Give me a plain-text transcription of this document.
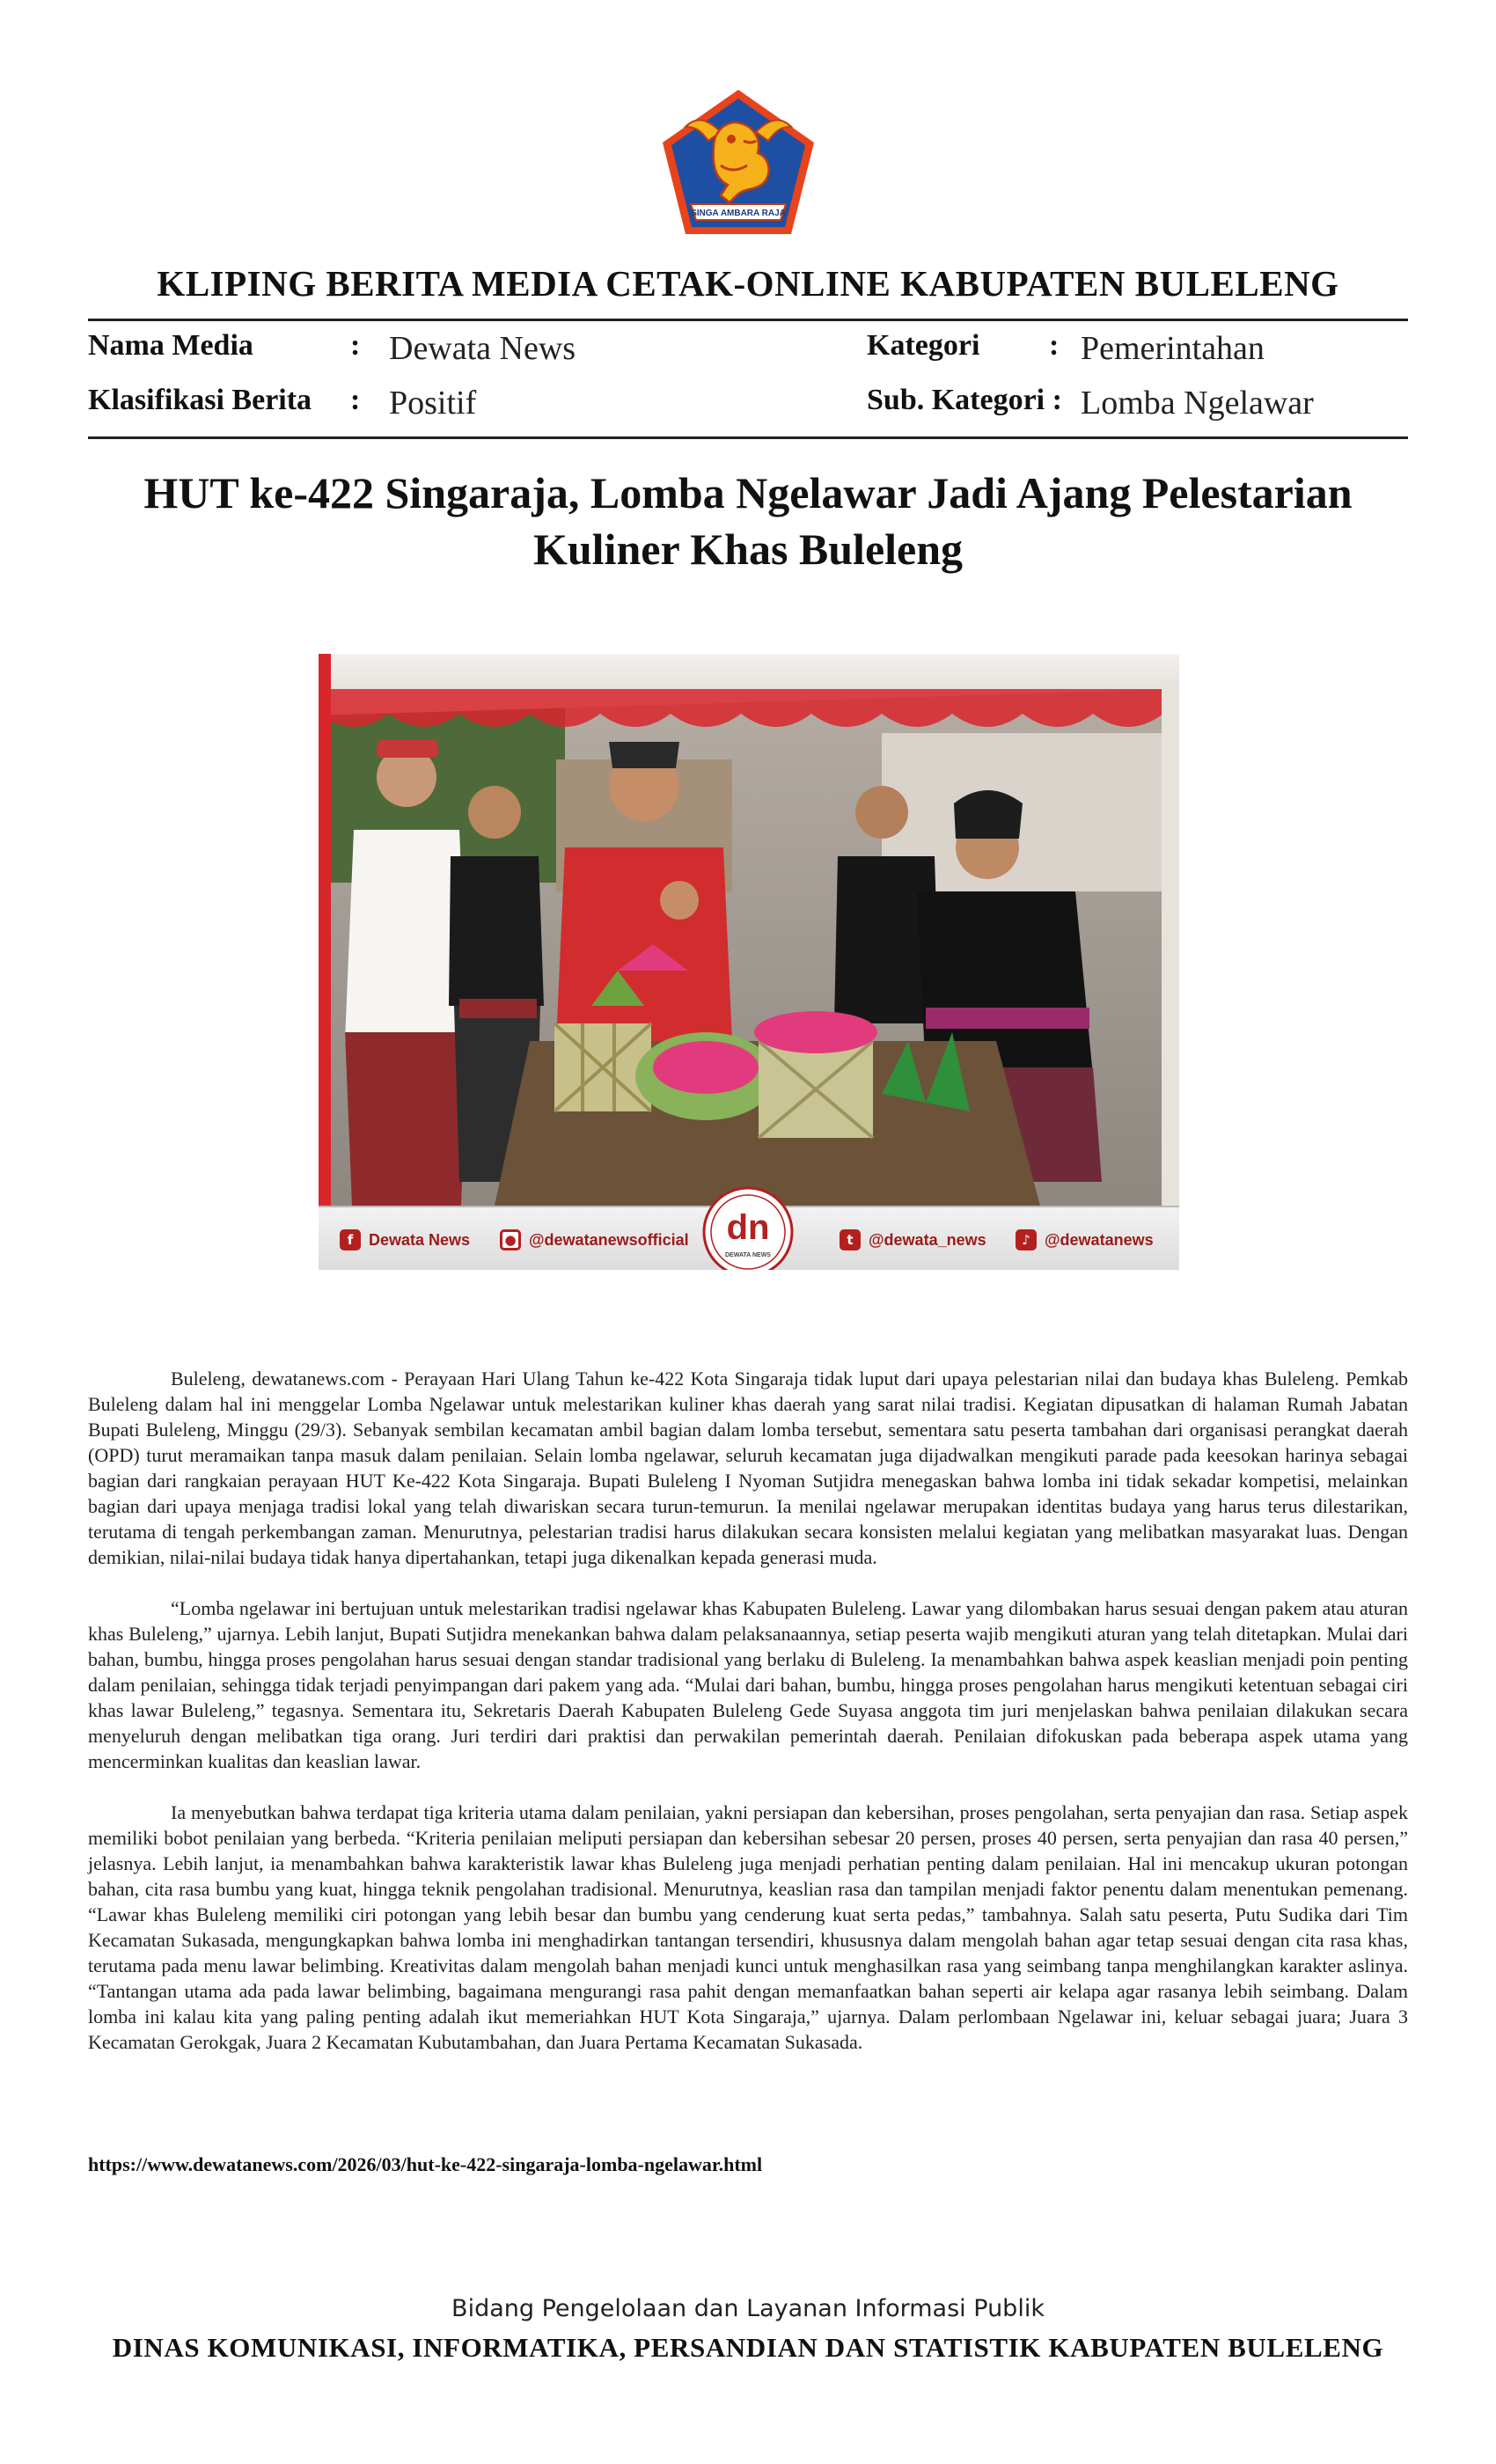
SINGA AMBARA RAJA
KLIPING BERITA MEDIA CETAK-ONLINE KABUPATEN BULELENG
Nama Media	: Dewata News
Klasifikasi Berita : Positif
Kategori : Pemerintahan
Sub. Kategori : Lomba Ngelawar
HUT ke-422 Singaraja, Lomba Ngelawar Jadi Ajang Pelestarian Kuliner Khas Buleleng
f Dewata News	● @dewatanewsofficial dn
DEWATA NEWS
t @dewata_news	♪ @dewatanews

Buleleng, dewatanews.com - Perayaan Hari Ulang Tahun ke-422 Kota Singaraja tidak luput dari upaya pelestarian nilai dan budaya khas Buleleng. Pemkab Buleleng dalam hal ini menggelar Lomba Ngelawar untuk melestarikan kuliner khas daerah yang sarat nilai tradisi. Kegiatan dipusatkan di halaman Rumah Jabatan Bupati Buleleng, Minggu (29/3). Sebanyak sembilan kecamatan ambil bagian dalam lomba tersebut, sementara satu peserta tambahan dari organisasi perangkat daerah (OPD) turut meramaikan tanpa masuk dalam penilaian. Selain lomba ngelawar, seluruh kecamatan juga dijadwalkan mengikuti parade pada keesokan harinya sebagai bagian dari rangkaian perayaan HUT Ke-422 Kota Singaraja. Bupati Buleleng I Nyoman Sutjidra menegaskan bahwa lomba ini tidak sekadar kompetisi, melainkan bagian dari upaya menjaga tradisi lokal yang telah diwariskan secara turun-temurun. Ia menilai ngelawar merupakan identitas budaya yang harus terus dilestarikan, terutama di tengah perkembangan zaman. Menurutnya, pelestarian tradisi harus dilakukan secara konsisten melalui kegiatan yang melibatkan masyarakat luas. Dengan demikian, nilai-nilai budaya tidak hanya dipertahankan, tetapi juga dikenalkan kepada generasi muda.

“Lomba ngelawar ini bertujuan untuk melestarikan tradisi ngelawar khas Kabupaten Buleleng. Lawar yang dilombakan harus sesuai dengan pakem atau aturan khas Buleleng,” ujarnya. Lebih lanjut, Bupati Sutjidra menekankan bahwa dalam pelaksanaannya, setiap peserta wajib mengikuti aturan yang telah ditetapkan. Mulai dari bahan, bumbu, hingga proses pengolahan harus sesuai dengan standar tradisional yang berlaku di Buleleng. Ia menambahkan bahwa aspek keaslian menjadi poin penting dalam penilaian, sehingga tidak terjadi penyimpangan dari pakem yang ada. “Mulai dari bahan, bumbu, hingga proses pengolahan harus mengikuti ketentuan sebagai ciri khas lawar Buleleng,” tegasnya. Sementara itu, Sekretaris Daerah Kabupaten Buleleng Gede Suyasa anggota tim juri menjelaskan bahwa penilaian dilakukan secara menyeluruh dengan melibatkan tiga orang. Juri terdiri dari praktisi dan perwakilan pemerintah daerah. Penilaian difokuskan pada beberapa aspek utama yang mencerminkan kualitas dan keaslian lawar.

Ia menyebutkan bahwa terdapat tiga kriteria utama dalam penilaian, yakni persiapan dan kebersihan, proses pengolahan, serta penyajian dan rasa. Setiap aspek memiliki bobot penilaian yang berbeda. “Kriteria penilaian meliputi persiapan dan kebersihan sebesar 20 persen, proses 40 persen, serta penyajian dan rasa 40 persen,” jelasnya. Lebih lanjut, ia menambahkan bahwa karakteristik lawar khas Buleleng juga menjadi perhatian penting dalam penilaian. Hal ini mencakup ukuran potongan bahan, cita rasa bumbu yang kuat, hingga teknik pengolahan tradisional. Menurutnya, keaslian rasa dan tampilan menjadi faktor penentu dalam menentukan pemenang. “Lawar khas Buleleng memiliki ciri potongan yang lebih besar dan bumbu yang cenderung kuat serta pedas,” tambahnya. Salah satu peserta, Putu Sudika dari Tim Kecamatan Sukasada, mengungkapkan bahwa lomba ini menghadirkan tantangan tersendiri, khususnya dalam mengolah bahan agar tetap sesuai dengan cita rasa khas, terutama pada menu lawar belimbing. Kreativitas dalam mengolah bahan menjadi kunci untuk menghasilkan rasa yang seimbang tanpa menghilangkan karakter aslinya. “Tantangan utama ada pada lawar belimbing, bagaimana mengurangi rasa pahit dengan memanfaatkan bahan seperti air kelapa agar rasanya lebih seimbang. Dalam lomba ini kalau kita yang paling penting adalah ikut memeriahkan HUT Kota Singaraja,” ujarnya. Dalam perlombaan Ngelawar ini, keluar sebagai juara; Juara 3 Kecamatan Gerokgak, Juara 2 Kecamatan Kubutambahan, dan Juara Pertama Kecamatan Sukasada.

https://www.dewatanews.com/2026/03/hut-ke-422-singaraja-lomba-ngelawar.html
Bidang Pengelolaan dan Layanan Informasi Publik
DINAS KOMUNIKASI, INFORMATIKA, PERSANDIAN DAN STATISTIK KABUPATEN BULELENG
